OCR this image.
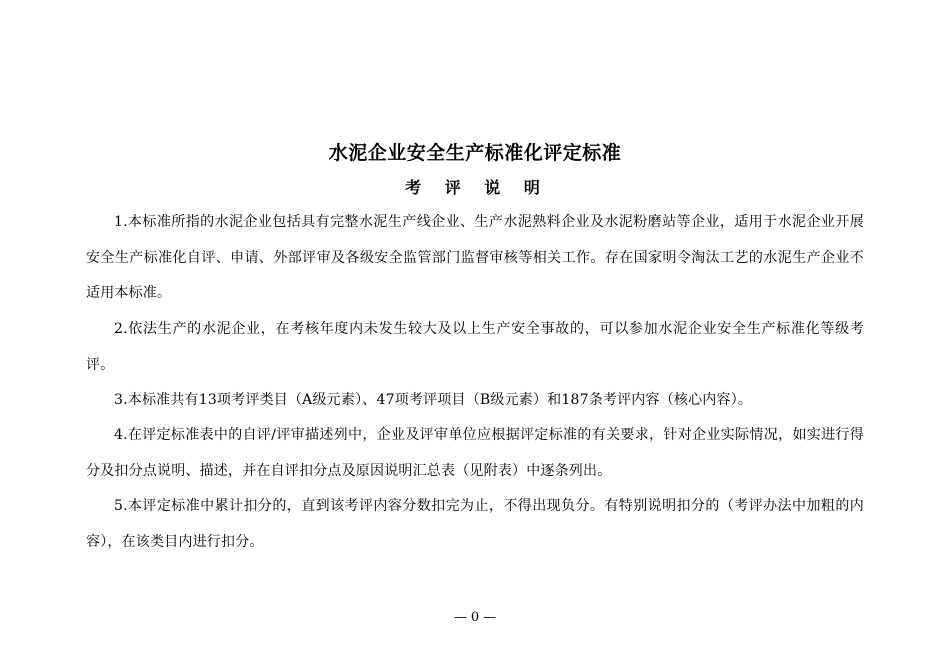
水泥企业安全生产标准化评定标准
考 评 说 明

1.本标准所指的水泥企业包括具有完整水泥生产线企业、生产水泥熟料企业及水泥粉磨站等企业，适用于水泥企业开展安全生产标准化自评、申请、外部评审及各级安全监管部门监督审核等相关工作。存在国家明令淘汰工艺的水泥生产企业不适用本标准。

2.依法生产的水泥企业，在考核年度内未发生较大及以上生产安全事故的，可以参加水泥企业安全生产标准化等级考评。

3.本标准共有13项考评类目（A级元素）、47项考评项目（B级元素）和187条考评内容（核心内容）。

4.在评定标准表中的自评/评审描述列中，企业及评审单位应根据评定标准的有关要求，针对企业实际情况，如实进行得分及扣分点说明、描述，并在自评扣分点及原因说明汇总表（见附表）中逐条列出。

5.本评定标准中累计扣分的，直到该考评内容分数扣完为止，不得出现负分。有特别说明扣分的（考评办法中加粗的内容），在该类目内进行扣分。

— 0 —
